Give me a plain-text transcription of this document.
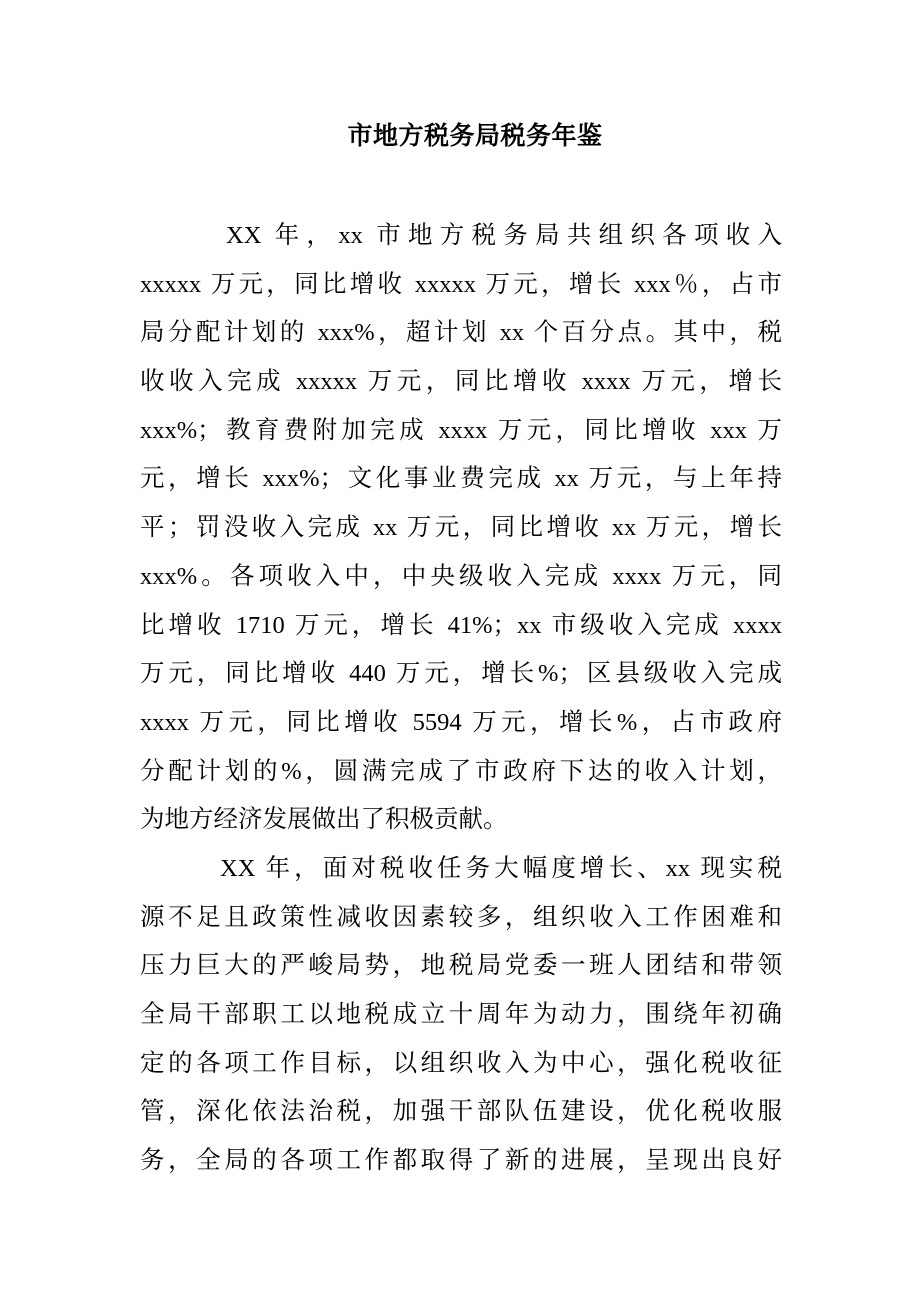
市地方税务局税务年鉴
XX 年，xx 市地方税务局共组织各项收入
xxxxx 万元，同比增收 xxxxx 万元，增长 xxx％，占市
局分配计划的 xxx%，超计划 xx 个百分点。其中，税
收收入完成 xxxxx 万元，同比增收 xxxx 万元，增长
xxx%；教育费附加完成 xxxx 万元，同比增收 xxx 万
元，增长 xxx%；文化事业费完成 xx 万元，与上年持
平；罚没收入完成 xx 万元，同比增收 xx 万元，增长
xxx%。各项收入中，中央级收入完成 xxxx 万元，同
比增收 1710 万元，增长 41%；xx 市级收入完成 xxxx
万元，同比增收 440 万元，增长%；区县级收入完成
xxxx 万元，同比增收 5594 万元，增长%，占市政府
分配计划的%，圆满完成了市政府下达的收入计划，
为地方经济发展做出了积极贡献。
XX 年，面对税收任务大幅度增长、xx 现实税
源不足且政策性减收因素较多，组织收入工作困难和
压力巨大的严峻局势，地税局党委一班人团结和带领
全局干部职工以地税成立十周年为动力，围绕年初确
定的各项工作目标，以组织收入为中心，强化税收征
管，深化依法治税，加强干部队伍建设，优化税收服
务，全局的各项工作都取得了新的进展，呈现出良好
